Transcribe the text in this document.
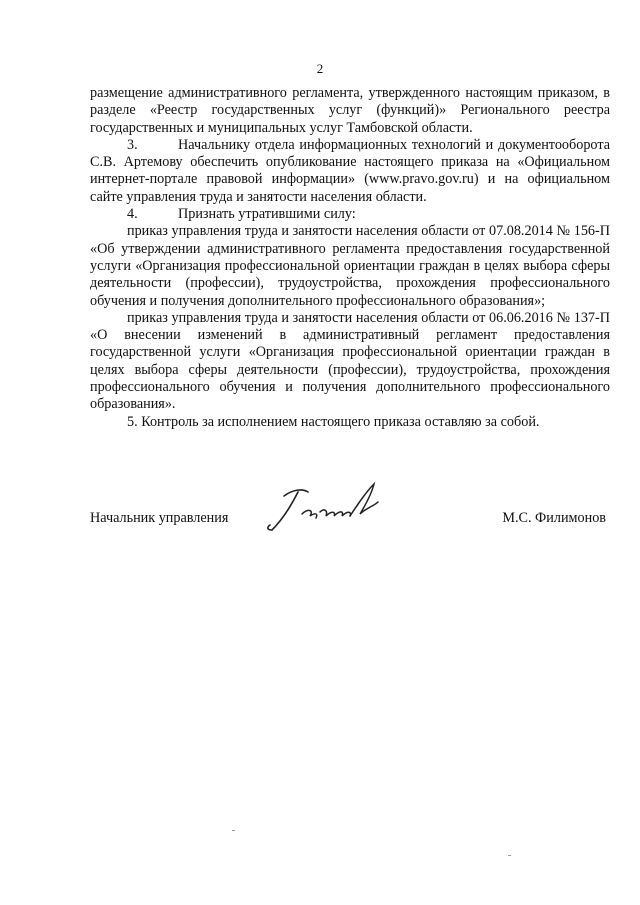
2

размещение административного регламента, утвержденного настоящим приказом, в разделе «Реестр государственных услуг (функций)» Регионального реестра государственных и муниципальных услуг Тамбовской области.

3.	Начальнику отдела информационных технологий и документооборота С.В. Артемову обеспечить опубликование настоящего приказа на «Официальном интернет-портале правовой информации» (www.pravo.gov.ru) и на официальном сайте управления труда и занятости населения области.

4.	Признать утратившими силу:

приказ управления труда и занятости населения области от 07.08.2014 № 156-П «Об утверждении административного регламента предоставления государственной услуги «Организация профессиональной ориентации граждан в целях выбора сферы деятельности (профессии), трудоустройства, прохождения профессионального обучения и получения дополнительного профессионального образования»;

приказ управления труда и занятости населения области от 06.06.2016 № 137-П «О внесении изменений в административный регламент предоставления государственной услуги «Организация профессиональной ориентации граждан в целях выбора сферы деятельности (профессии), трудоустройства, прохождения профессионального обучения и получения дополнительного профессионального образования».

5. Контроль за исполнением настоящего приказа оставляю за собой.

Начальник управления	М.С. Филимонов
